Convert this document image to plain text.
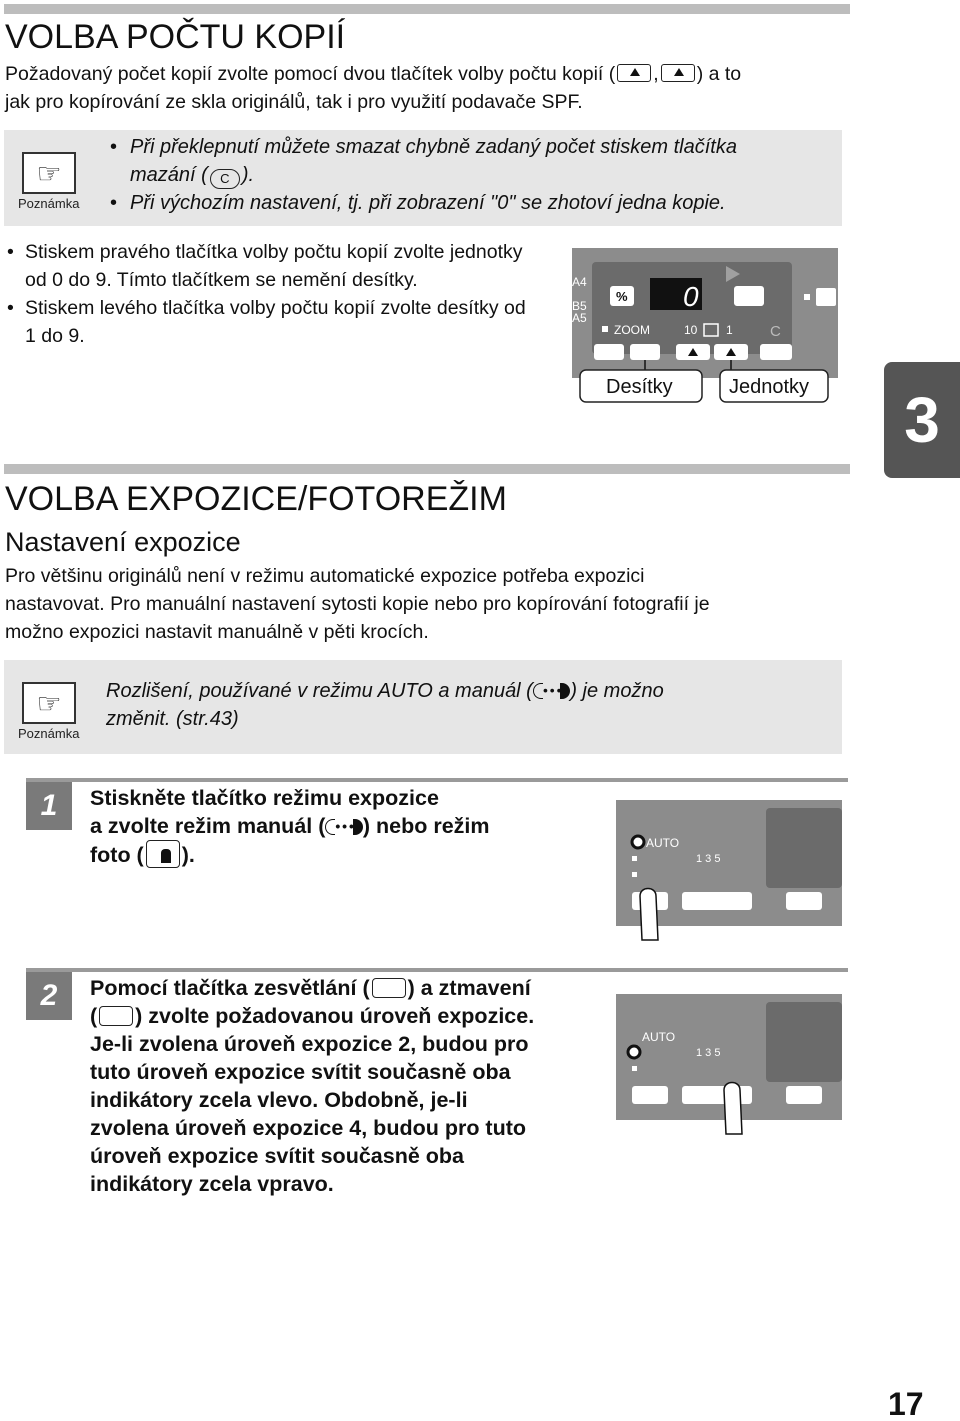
VOLBA POČTU KOPIÍ
Požadovaný počet kopií zvolte pomocí dvou tlačítek volby počtu kopií ( , ) a to
jak pro kopírování ze skla originálů, tak i pro využití podavače SPF.
☞
Poznámka
• Při překlepnutí můžete smazat chybně zadaný počet stiskem tlačítka
mazání ( C ).
• Při výchozím nastavení, tj. při zobrazení "0" se zhotoví jedna kopie.
• Stiskem pravého tlačítka volby počtu kopií zvolte jednotky od 0 do 9. Tímto tlačítkem se nemění desítky.
• Stiskem levého tlačítka volby počtu kopií zvolte desítky od 1 do 9.
A4
B5
A5
% 0
ZOOM	10 1 C
Desítky	Jednotky	3
VOLBA EXPOZICE/FOTOREŽIM
Nastavení expozice
Pro většinu originálů není v režimu automatické expozice potřeba expozici
nastavovat. Pro manuální nastavení sytosti kopie nebo pro kopírování fotografií je
možno expozici nastavit manuálně v pěti krocích.
☞
Poznámka
Rozlišení, používané v režimu AUTO a manuál ( • • • ) je možno
změnit. (str.43)
1	Stiskněte tlačítko režimu expozice
a zvolte režim manuál ( • • • ) nebo režim
foto ( ).	AUTO
1 3 5
2	Pomocí tlačítka zesvětlání ( ) a ztmavení
( ) zvolte požadovanou úroveň expozice.
Je-li zvolena úroveň expozice 2, budou pro
tuto úroveň expozice svítit současně oba
indikátory zcela vlevo. Obdobně, je-li
zvolena úroveň expozice 4, budou pro tuto
úroveň expozice svítit současně oba
indikátory zcela vpravo.
AUTO
1 3 5
17
